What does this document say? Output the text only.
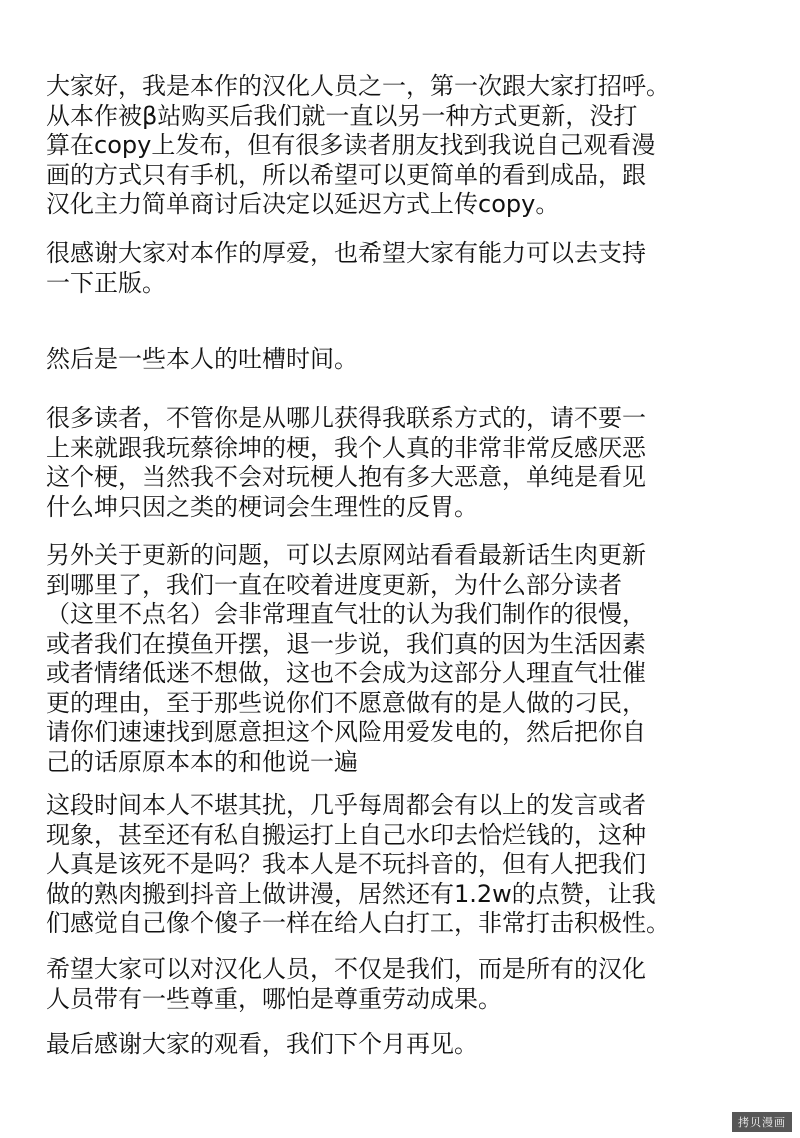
大家好，我是本作的汉化人员之一，第一次跟大家打招呼。
从本作被β站购买后我们就一直以另一种方式更新，没打
算在copy上发布，但有很多读者朋友找到我说自己观看漫
画的方式只有手机，所以希望可以更简单的看到成品，跟
汉化主力简单商讨后决定以延迟方式上传copy。
很感谢大家对本作的厚爱，也希望大家有能力可以去支持
一下正版。
然后是一些本人的吐槽时间。
很多读者，不管你是从哪儿获得我联系方式的，请不要一
上来就跟我玩蔡徐坤的梗，我个人真的非常非常反感厌恶
这个梗，当然我不会对玩梗人抱有多大恶意，单纯是看见
什么坤只因之类的梗词会生理性的反胃。
另外关于更新的问题，可以去原网站看看最新话生肉更新
到哪里了，我们一直在咬着进度更新，为什么部分读者
（这里不点名）会非常理直气壮的认为我们制作的很慢，
或者我们在摸鱼开摆，退一步说，我们真的因为生活因素
或者情绪低迷不想做，这也不会成为这部分人理直气壮催
更的理由，至于那些说你们不愿意做有的是人做的刁民，
请你们速速找到愿意担这个风险用爱发电的，然后把你自
己的话原原本本的和他说一遍
这段时间本人不堪其扰，几乎每周都会有以上的发言或者
现象，甚至还有私自搬运打上自己水印去恰烂钱的，这种
人真是该死不是吗？我本人是不玩抖音的，但有人把我们
做的熟肉搬到抖音上做讲漫，居然还有1.2w的点赞，让我
们感觉自己像个傻子一样在给人白打工，非常打击积极性。
希望大家可以对汉化人员，不仅是我们，而是所有的汉化
人员带有一些尊重，哪怕是尊重劳动成果。
最后感谢大家的观看，我们下个月再见。
拷贝漫画
